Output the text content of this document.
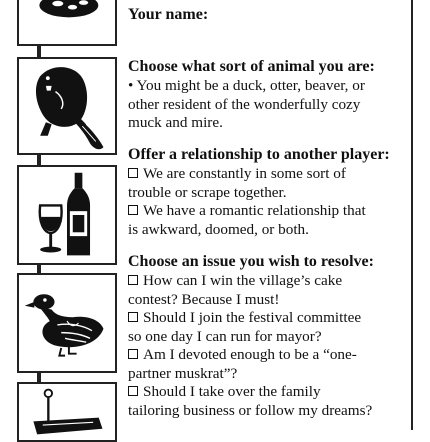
Your name:
Choose what sort of animal you are:
• You might be a duck, otter, beaver, or
other resident of the wonderfully cozy
muck and mire.
Offer a relationship to another player:
We are constantly in some sort of
trouble or scrape together.
We have a romantic relationship that
is awkward, doomed, or both.
Choose an issue you wish to resolve:
How can I win the village’s cake
contest? Because I must!
Should I join the festival committee
so one day I can run for mayor?
Am I devoted enough to be a “one-
partner muskrat”?
Should I take over the family
tailoring business or follow my dreams?
